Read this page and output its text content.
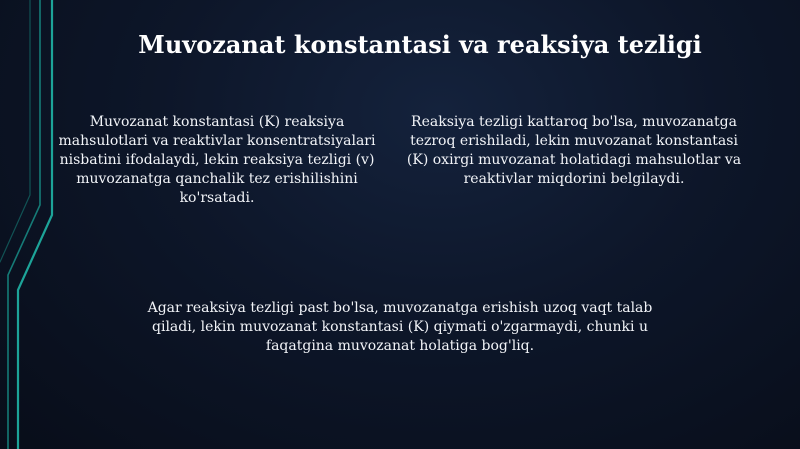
Muvozanat konstantasi va reaksiya tezligi

Muvozanat konstantasi (K) reaksiya mahsulotlari va reaktivlar konsentratsiyalari nisbatini ifodalaydi, lekin reaksiya tezligi (v) muvozanatga qanchalik tez erishilishini ko'rsatadi.

Reaksiya tezligi kattaroq bo'lsa, muvozanatga tezroq erishiladi, lekin muvozanat konstantasi (K) oxirgi muvozanat holatidagi mahsulotlar va reaktivlar miqdorini belgilaydi.

Agar reaksiya tezligi past bo'lsa, muvozanatga erishish uzoq vaqt talab qiladi, lekin muvozanat konstantasi (K) qiymati o'zgarmaydi, chunki u faqatgina muvozanat holatiga bog'liq.
